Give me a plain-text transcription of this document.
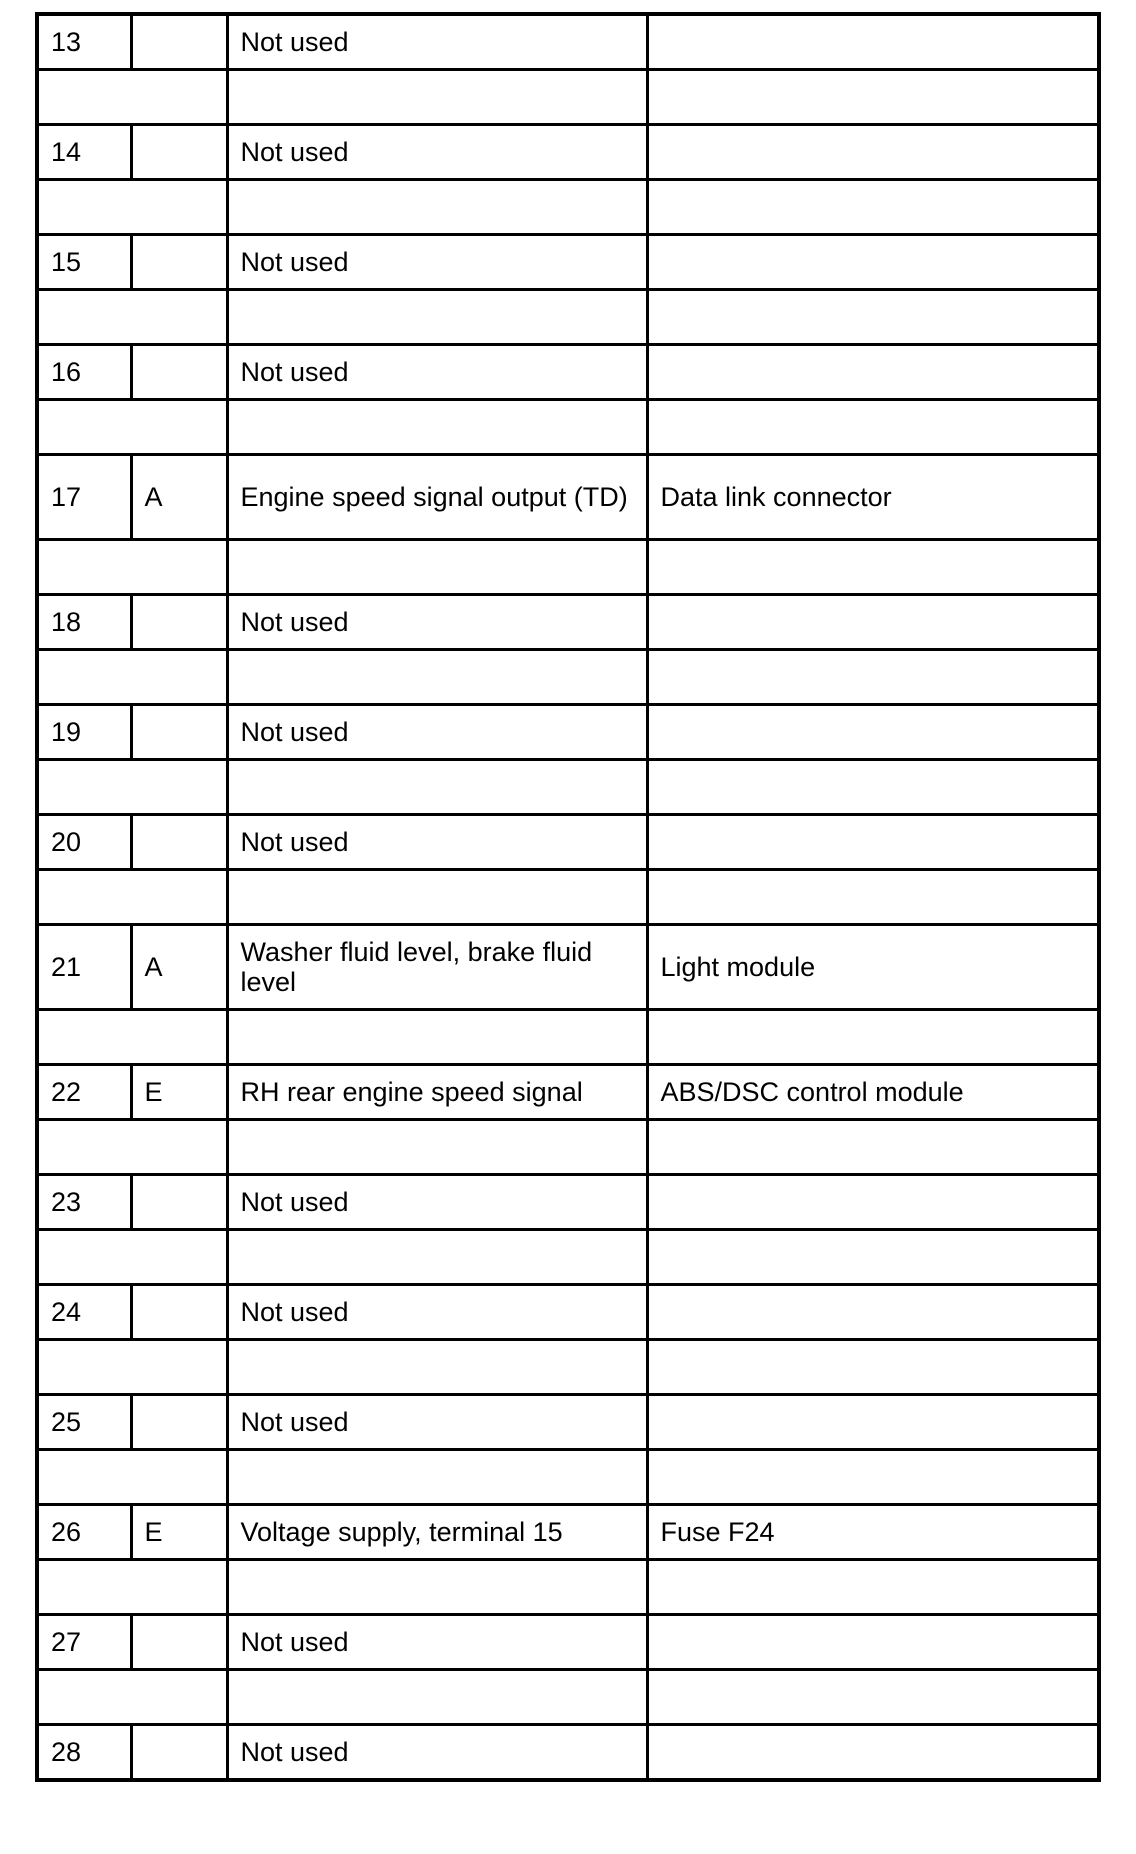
13		Not used	

14		Not used	

15		Not used	

16		Not used	

17	A	Engine speed signal output (TD)	Data link connector

18		Not used	

19		Not used	

20		Not used	

21	A	Washer fluid level, brake fluid level	Light module

22	E	RH rear engine speed signal	ABS/DSC control module

23		Not used	

24		Not used	

25		Not used	

26	E	Voltage supply, terminal 15	Fuse F24

27		Not used	

28		Not used	
